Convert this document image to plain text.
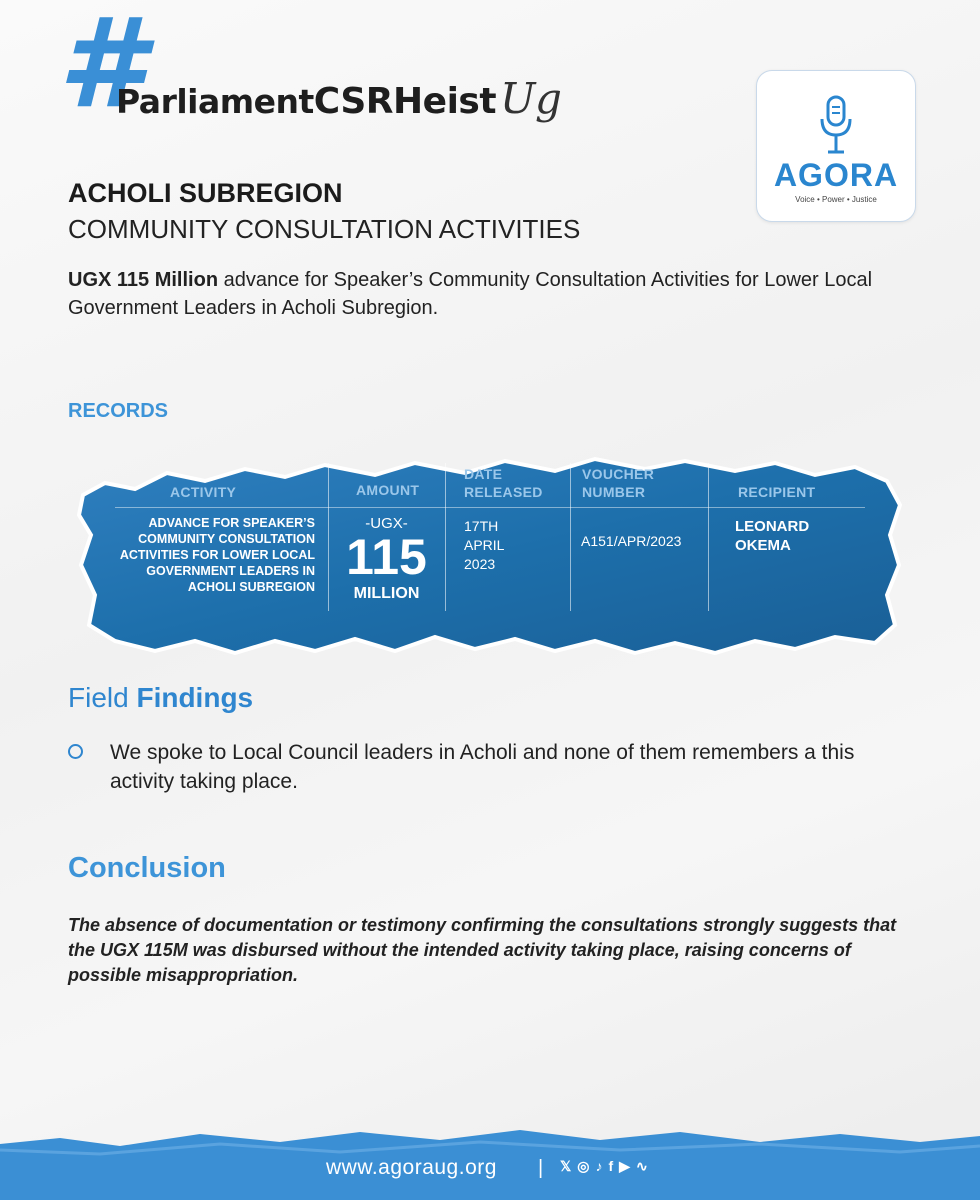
#
ParliamentCSRHeistUg
AGORA
Voice • Power • Justice
ACHOLI SUBREGION
COMMUNITY CONSULTATION ACTIVITIES

UGX 115 Million advance for Speaker’s Community Consultation Activities for Lower Local Government Leaders in Acholi Subregion.

RECORDS
ACTIVITY	AMOUNT
DATE RELEASED
VOUCHER NUMBER	RECIPIENT
ADVANCE FOR SPEAKER’S COMMUNITY CONSULTATION ACTIVITIES FOR LOWER LOCAL GOVERNMENT LEADERS IN ACHOLI SUBREGION
-UGX-
115
MILLION
17TH APRIL 2023
A151/APR/2023
LEONARD OKEMA
Field Findings

We spoke to Local Council leaders in Acholi and none of them remembers a this activity taking place.

Conclusion

The absence of documentation or testimony confirming the consultations strongly suggests that the UGX 115M was disbursed without the intended activity taking place, raising concerns of possible misappropriation.

www.agoraug.org | 𝕏 ◎ ♪ f ▶ ∿
